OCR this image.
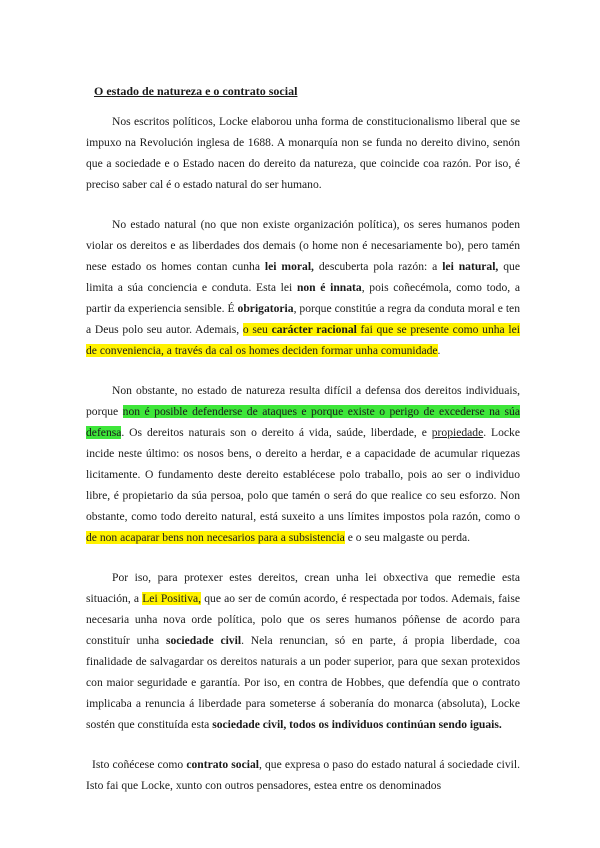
O estado de natureza e o contrato social

Nos escritos políticos, Locke elaborou unha forma de constitucionalismo liberal que se impuxo na Revolución inglesa de 1688. A monarquía non se funda no dereito divino, senón que a sociedade e o Estado nacen do dereito da natureza, que coincide coa razón. Por iso, é preciso saber cal é o estado natural do ser humano.

No estado natural (no que non existe organización política), os seres humanos poden violar os dereitos e as liberdades dos demais (o home non é necesariamente bo), pero tamén nese estado os homes contan cunha lei moral, descuberta pola razón: a lei natural, que limita a súa conciencia e conduta. Esta lei non é innata, pois coñecémola, como todo, a partir da experiencia sensible. É obrigatoria, porque constitúe a regra da conduta moral e ten a Deus polo seu autor. Ademais, o seu carácter racional fai que se presente como unha lei de conveniencia, a través da cal os homes deciden formar unha comunidade.

Non obstante, no estado de natureza resulta difícil a defensa dos dereitos individuais, porque non é posible defenderse de ataques e porque existe o perigo de excederse na súa defensa. Os dereitos naturais son o dereito á vida, saúde, liberdade, e propiedade. Locke incide neste último: os nosos bens, o dereito a herdar, e a capacidade de acumular riquezas licitamente. O fundamento deste dereito establécese polo traballo, pois ao ser o individuo libre, é propietario da súa persoa, polo que tamén o será do que realice co seu esforzo. Non obstante, como todo dereito natural, está suxeito a uns límites impostos pola razón, como o de non acaparar bens non necesarios para a subsistencia e o seu malgaste ou perda.

Por iso, para protexer estes dereitos, crean unha lei obxectiva que remedie esta situación, a Lei Positiva, que ao ser de común acordo, é respectada por todos. Ademais, faise necesaria unha nova orde política, polo que os seres humanos póñense de acordo para constituír unha sociedade civil. Nela renuncian, só en parte, á propia liberdade, coa finalidade de salvagardar os dereitos naturais a un poder superior, para que sexan protexidos con maior seguridade e garantía. Por iso, en contra de Hobbes, que defendía que o contrato implicaba a renuncia á liberdade para someterse á soberanía do monarca (absoluta), Locke sostén que constituída esta sociedade civil, todos os individuos continúan sendo iguais.

Isto coñécese como contrato social, que expresa o paso do estado natural á sociedade civil. Isto fai que Locke, xunto con outros pensadores, estea entre os denominados
